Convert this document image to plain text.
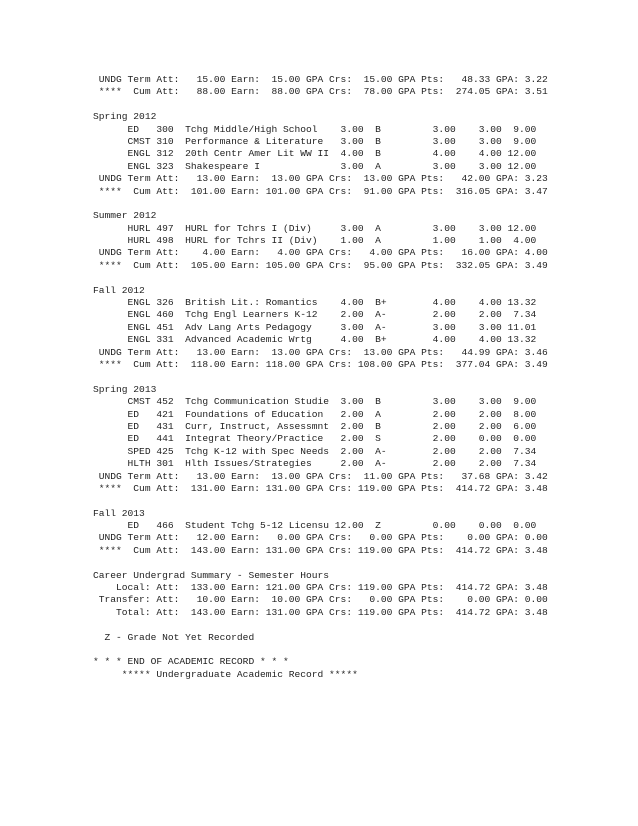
UNDG Term Att:   15.00 Earn:  15.00 GPA Crs:  15.00 GPA Pts:   48.33 GPA: 3.22
****  Cum Att:   88.00 Earn:  88.00 GPA Crs:  78.00 GPA Pts:  274.05 GPA: 3.51
Spring 2012
ED   300  Tchg Middle/High School    3.00  B         3.00    3.00  9.00
CMST 310  Performance & Literature   3.00  B         3.00    3.00  9.00
ENGL 312  20th Centr Amer Lit WW II  4.00  B         4.00    4.00 12.00
ENGL 323  Shakespeare I              3.00  A         3.00    3.00 12.00
UNDG Term Att:   13.00 Earn:  13.00 GPA Crs:  13.00 GPA Pts:   42.00 GPA: 3.23
****  Cum Att:  101.00 Earn: 101.00 GPA Crs:  91.00 GPA Pts:  316.05 GPA: 3.47
Summer 2012
HURL 497  HURL for Tchrs I (Div)     3.00  A         3.00    3.00 12.00
HURL 498  HURL for Tchrs II (Div)    1.00  A         1.00    1.00  4.00
UNDG Term Att:    4.00 Earn:   4.00 GPA Crs:   4.00 GPA Pts:   16.00 GPA: 4.00
****  Cum Att:  105.00 Earn: 105.00 GPA Crs:  95.00 GPA Pts:  332.05 GPA: 3.49
Fall 2012
ENGL 326  British Lit.: Romantics    4.00  B+        4.00    4.00 13.32
ENGL 460  Tchg Engl Learners K-12    2.00  A-        2.00    2.00  7.34
ENGL 451  Adv Lang Arts Pedagogy     3.00  A-        3.00    3.00 11.01
ENGL 331  Advanced Academic Wrtg     4.00  B+        4.00    4.00 13.32
UNDG Term Att:   13.00 Earn:  13.00 GPA Crs:  13.00 GPA Pts:   44.99 GPA: 3.46
****  Cum Att:  118.00 Earn: 118.00 GPA Crs: 108.00 GPA Pts:  377.04 GPA: 3.49
Spring 2013
CMST 452  Tchg Communication Studie  3.00  B         3.00    3.00  9.00
ED   421  Foundations of Education   2.00  A         2.00    2.00  8.00
ED   431  Curr, Instruct, Assessmnt  2.00  B         2.00    2.00  6.00
ED   441  Integrat Theory/Practice   2.00  S         2.00    0.00  0.00
SPED 425  Tchg K-12 with Spec Needs  2.00  A-        2.00    2.00  7.34
HLTH 301  Hlth Issues/Strategies     2.00  A-        2.00    2.00  7.34
UNDG Term Att:   13.00 Earn:  13.00 GPA Crs:  11.00 GPA Pts:   37.68 GPA: 3.42
****  Cum Att:  131.00 Earn: 131.00 GPA Crs: 119.00 GPA Pts:  414.72 GPA: 3.48
Fall 2013
ED   466  Student Tchg 5-12 Licensu 12.00  Z         0.00    0.00  0.00
UNDG Term Att:   12.00 Earn:   0.00 GPA Crs:   0.00 GPA Pts:    0.00 GPA: 0.00
****  Cum Att:  143.00 Earn: 131.00 GPA Crs: 119.00 GPA Pts:  414.72 GPA: 3.48
Career Undergrad Summary - Semester Hours
Local: Att:  133.00 Earn: 121.00 GPA Crs: 119.00 GPA Pts:  414.72 GPA: 3.48
Transfer: Att:   10.00 Earn:  10.00 GPA Crs:   0.00 GPA Pts:    0.00 GPA: 0.00
Total: Att:  143.00 Earn: 131.00 GPA Crs: 119.00 GPA Pts:  414.72 GPA: 3.48
Z - Grade Not Yet Recorded
* * * END OF ACADEMIC RECORD * * *
***** Undergraduate Academic Record *****
